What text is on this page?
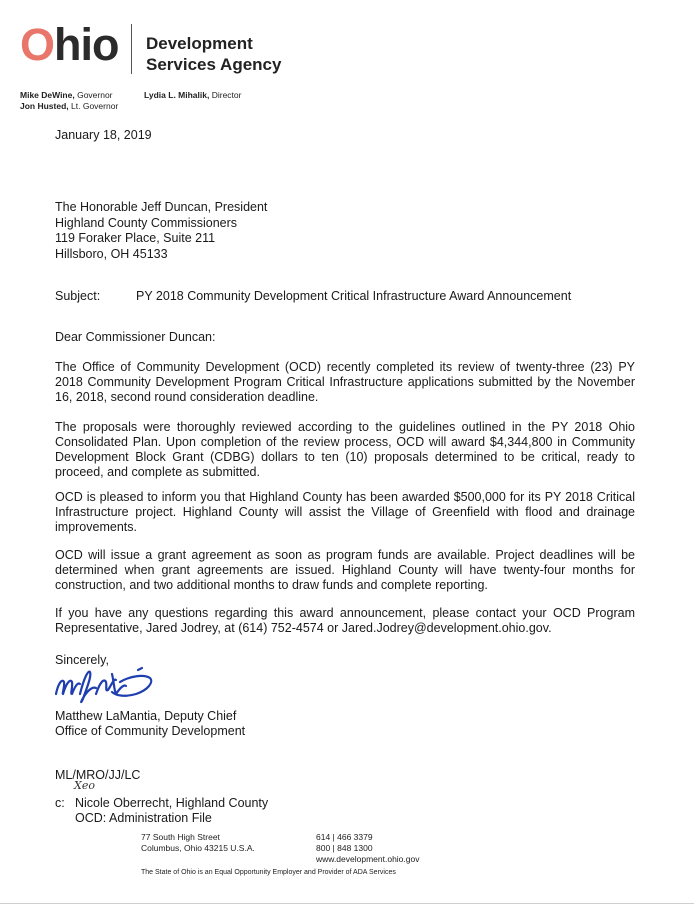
Ohio Development
Services Agency
Mike DeWine, Governor
Jon Husted, Lt. Governor
Lydia L. Mihalik, Director
January 18, 2019
The Honorable Jeff Duncan, President
Highland County Commissioners
119 Foraker Place, Suite 211
Hillsboro, OH 45133
Subject:	PY 2018 Community Development Critical Infrastructure Award Announcement
Dear Commissioner Duncan:
The Office of Community Development (OCD) recently completed its review of twenty-three (23) PY 2018 Community Development Program Critical Infrastructure applications submitted by the November 16, 2018, second round consideration deadline.
The proposals were thoroughly reviewed according to the guidelines outlined in the PY 2018 Ohio Consolidated Plan. Upon completion of the review process, OCD will award $4,344,800 in Community Development Block Grant (CDBG) dollars to ten (10) proposals determined to be critical, ready to proceed, and complete as submitted.
OCD is pleased to inform you that Highland County has been awarded $500,000 for its PY 2018 Critical Infrastructure project. Highland County will assist the Village of Greenfield with flood and drainage improvements.
OCD will issue a grant agreement as soon as program funds are available. Project deadlines will be determined when grant agreements are issued. Highland County will have twenty-four months for construction, and two additional months to draw funds and complete reporting.
If you have any questions regarding this award announcement, please contact your OCD Program Representative, Jared Jodrey, at (614) 752-4574 or Jared.Jodrey@development.ohio.gov.
Sincerely,
Matthew LaMantia, Deputy Chief
Office of Community Development
ML/MRO/JJ/LC
Xeo
c: Nicole Oberrecht, Highland County
OCD: Administration File
77 South High Street
Columbus, Ohio 43215 U.S.A.
614 | 466 3379
800 | 848 1300
www.development.ohio.gov
The State of Ohio is an Equal Opportunity Employer and Provider of ADA Services
